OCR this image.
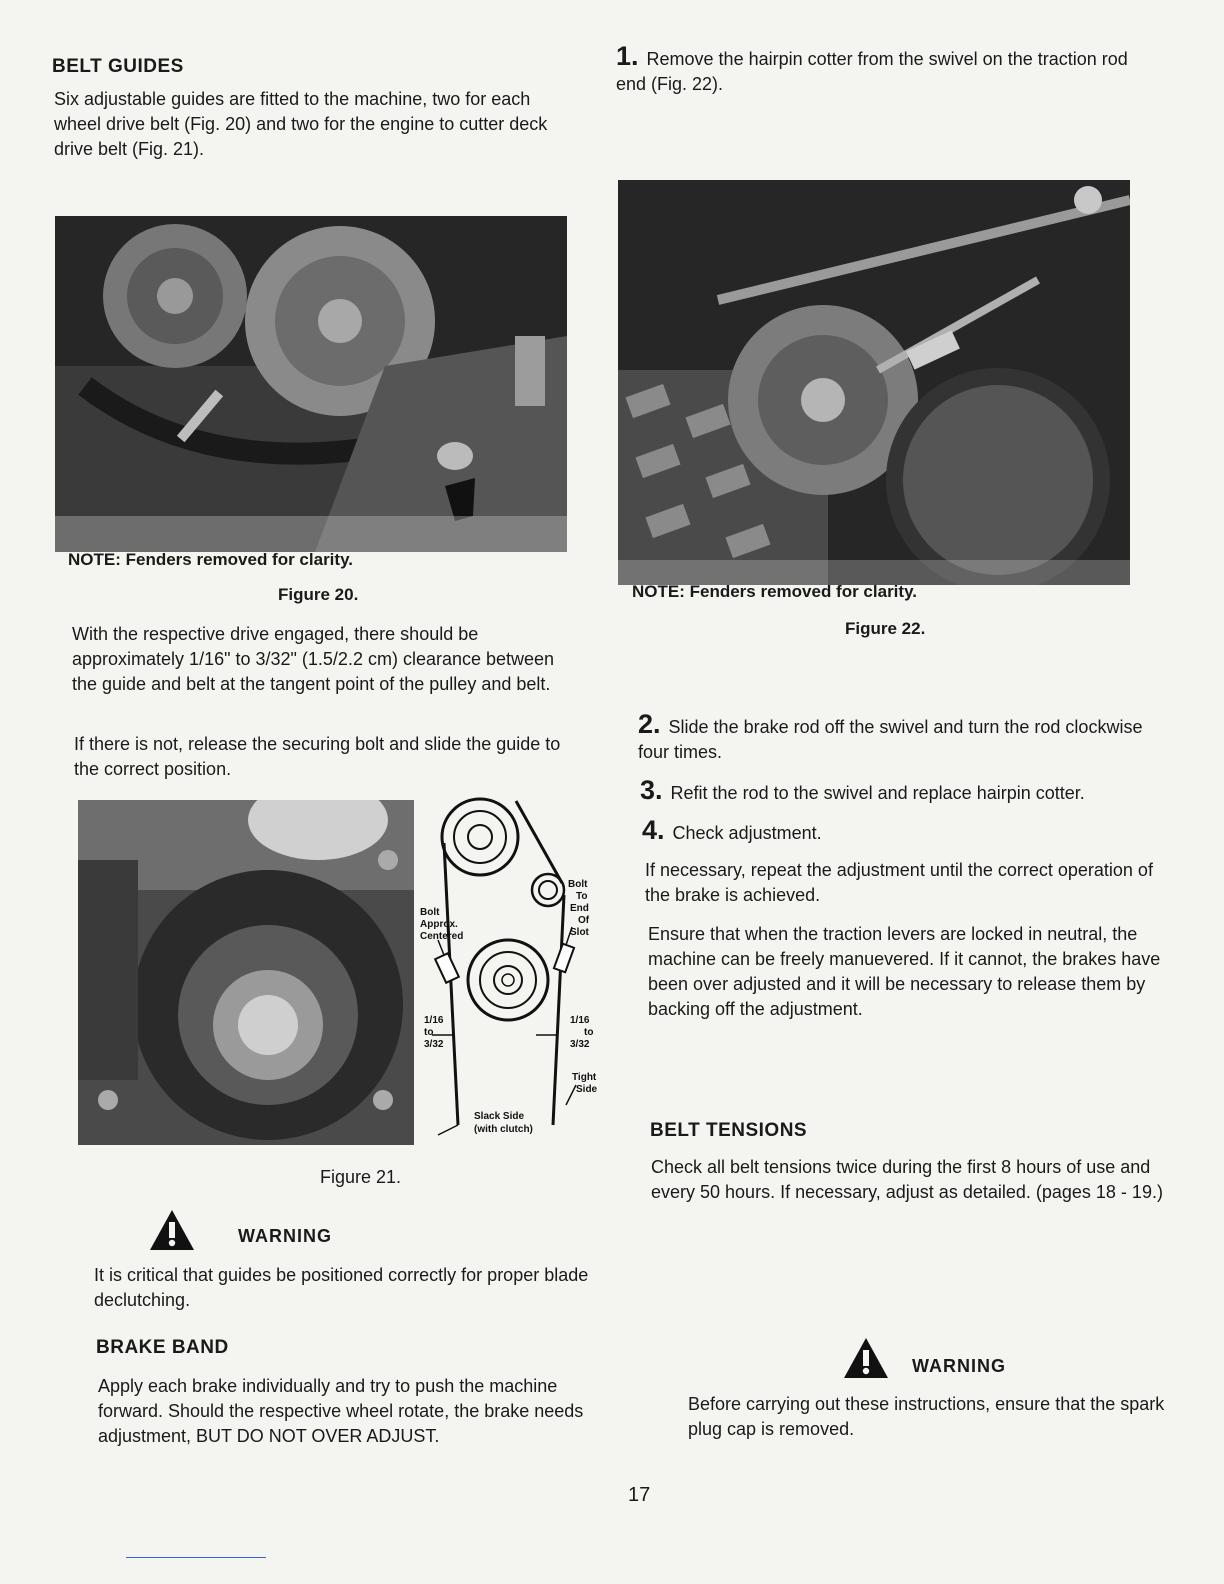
BELT GUIDES
Six adjustable guides are fitted to the machine, two for each wheel drive belt (Fig. 20) and two for the engine to cutter deck drive belt (Fig. 21).
NOTE: Fenders removed for clarity.
Figure 20.
With the respective drive engaged, there should be approximately 1/16" to 3/32" (1.5/2.2 cm) clearance between the guide and belt at the tangent point of the pulley and belt.
If there is not, release the securing bolt and slide the guide to the correct position.
Bolt
Approx.
Centered
Bolt
To
End
Of
Slot
1/16
to
3/32
1/16
to
3/32
Tight
Side
Slack Side
(with clutch)
Figure 21.
WARNING
It is critical that guides be positioned correctly for proper blade declutching.
BRAKE BAND
Apply each brake individually and try to push the machine forward. Should the respective wheel rotate, the brake needs adjustment, BUT DO NOT OVER ADJUST.
1. Remove the hairpin cotter from the swivel on the traction rod end (Fig. 22).
NOTE: Fenders removed for clarity.
Figure 22.
2. Slide the brake rod off the swivel and turn the rod clockwise four times.
3. Refit the rod to the swivel and replace hairpin cotter.
4. Check adjustment.
If necessary, repeat the adjustment until the correct operation of the brake is achieved.
Ensure that when the traction levers are locked in neutral, the machine can be freely manuevered. If it cannot, the brakes have been over adjusted and it will be necessary to release them by backing off the adjustment.
BELT TENSIONS
Check all belt tensions twice during the first 8 hours of use and every 50 hours. If necessary, adjust as detailed. (pages 18 - 19.)
WARNING
Before carrying out these instructions, ensure that the spark plug cap is removed.
17
